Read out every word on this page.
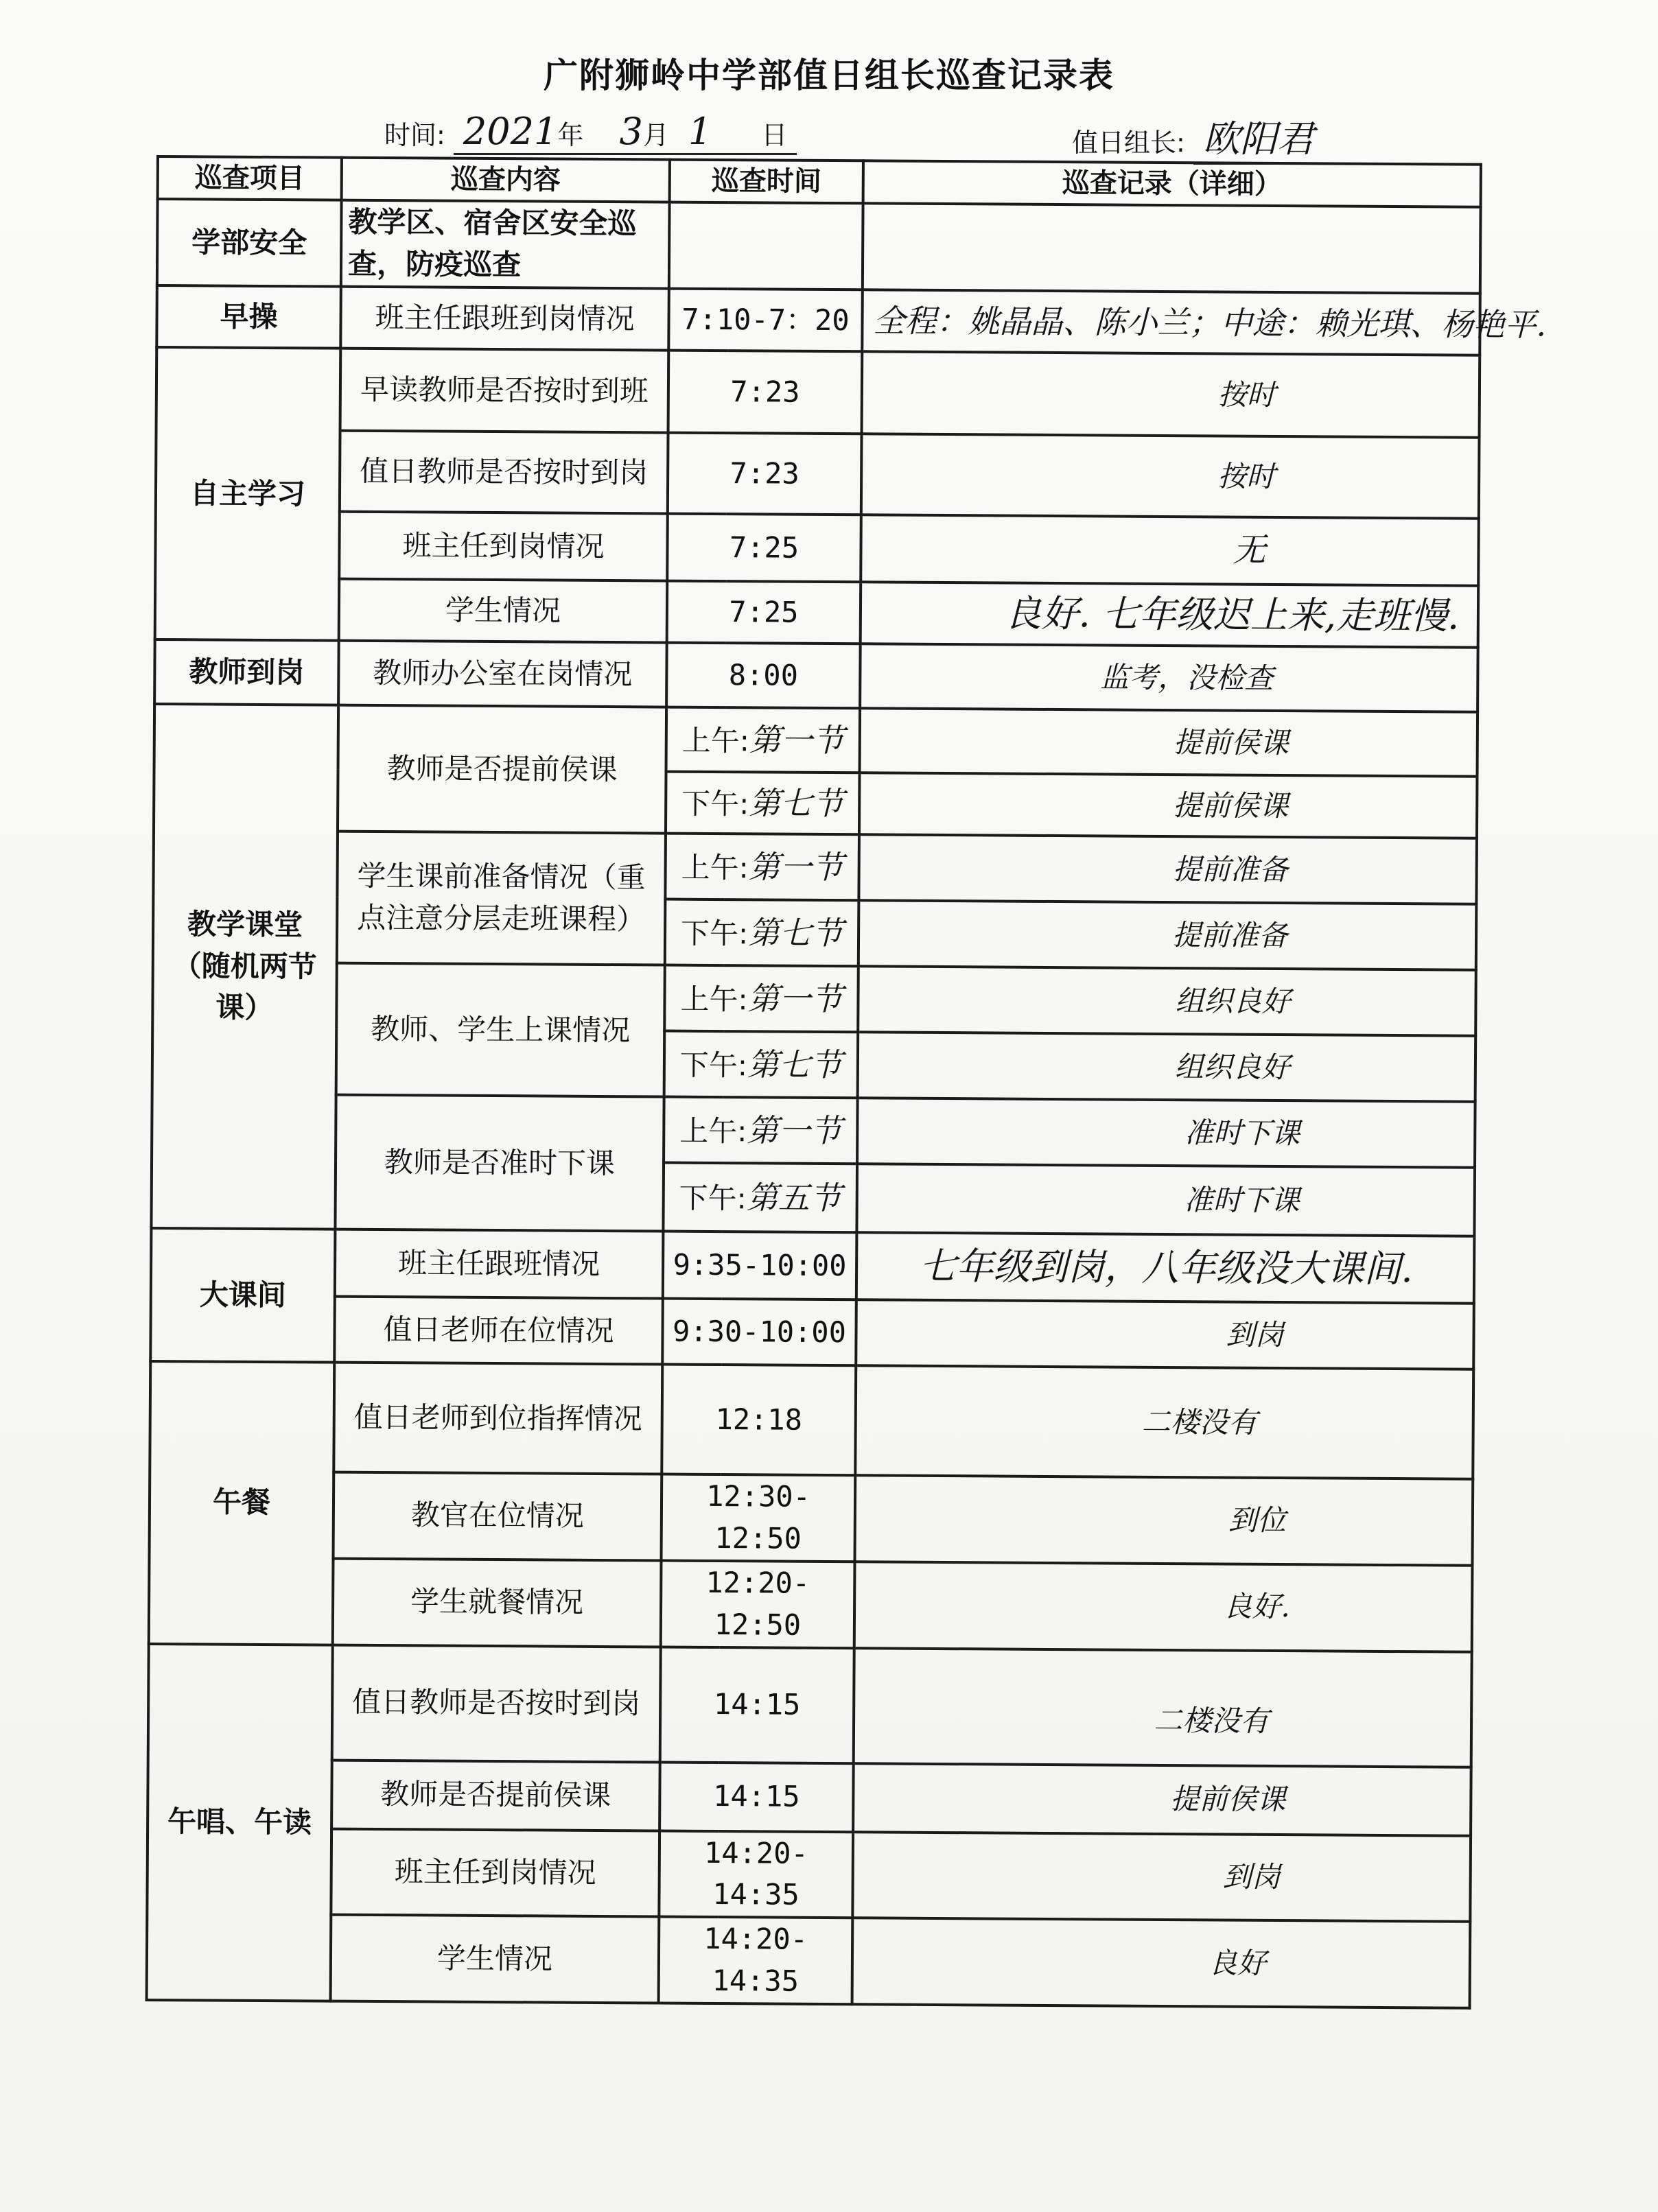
广附狮岭中学部值日组长巡查记录表
时间: 2021年 3月 1 日	值日组长: 欧阳君
巡查项目	巡查内容	巡查时间	巡查记录（详细）
学部安全	教学区、宿舍区安全巡查，防疫巡查		
早操	班主任跟班到岗情况	7:10-7：20	全程：姚晶晶、陈小兰；中途：赖光琪、杨艳平.
自主学习	早读教师是否按时到班	7:23	按时
	值日教师是否按时到岗	7:23	按时
	班主任到岗情况	7:25	无
	学生情况	7:25	良好. 七年级迟上来,走班慢.
教师到岗	教师办公室在岗情况	8:00	监考，没检查
教学课堂（随机两节课）	教师是否提前侯课	上午:第一节	提前侯课
		下午:第七节	提前侯课
	学生课前准备情况（重点注意分层走班课程）	上午:第一节	提前准备
		下午:第七节	提前准备
	教师、学生上课情况	上午:第一节	组织良好
		下午:第七节	组织良好
	教师是否准时下课	上午:第一节	准时下课
		下午:第五节	准时下课
大课间	班主任跟班情况	9:35-10:00	七年级到岗，八年级没大课间.
	值日老师在位情况	9:30-10:00	到岗
午餐	值日老师到位指挥情况	12:18	二楼没有
	教官在位情况	12:30-12:50	到位
	学生就餐情况	12:20-12:50	良好.
午唱、午读	值日教师是否按时到岗	14:15	二楼没有
	教师是否提前侯课	14:15	提前侯课
	班主任到岗情况	14:20-14:35	到岗
	学生情况	14:20-14:35	良好
